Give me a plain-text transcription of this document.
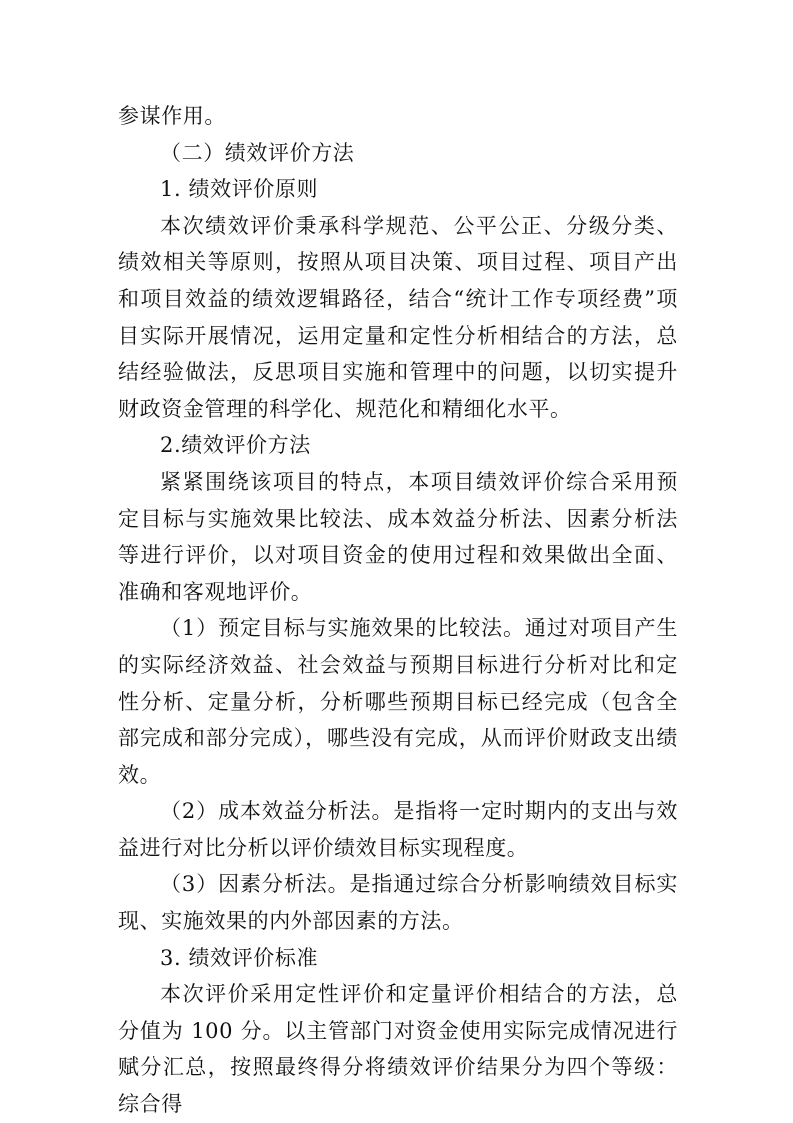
参谋作用。

（二）绩效评价方法

1. 绩效评价原则

本次绩效评价秉承科学规范、公平公正、分级分类、绩效相关等原则，按照从项目决策、项目过程、项目产出和项目效益的绩效逻辑路径，结合“统计工作专项经费”项目实际开展情况，运用定量和定性分析相结合的方法，总结经验做法，反思项目实施和管理中的问题，以切实提升财政资金管理的科学化、规范化和精细化水平。

2.绩效评价方法

紧紧围绕该项目的特点，本项目绩效评价综合采用预定目标与实施效果比较法、成本效益分析法、因素分析法等进行评价，以对项目资金的使用过程和效果做出全面、准确和客观地评价。

（1）预定目标与实施效果的比较法。通过对项目产生的实际经济效益、社会效益与预期目标进行分析对比和定性分析、定量分析，分析哪些预期目标已经完成（包含全部完成和部分完成），哪些没有完成，从而评价财政支出绩效。

（2）成本效益分析法。是指将一定时期内的支出与效益进行对比分析以评价绩效目标实现程度。

（3）因素分析法。是指通过综合分析影响绩效目标实现、实施效果的内外部因素的方法。

3. 绩效评价标准

本次评价采用定性评价和定量评价相结合的方法，总分值为 100 分。以主管部门对资金使用实际完成情况进行赋分汇总，按照最终得分将绩效评价结果分为四个等级：综合得
